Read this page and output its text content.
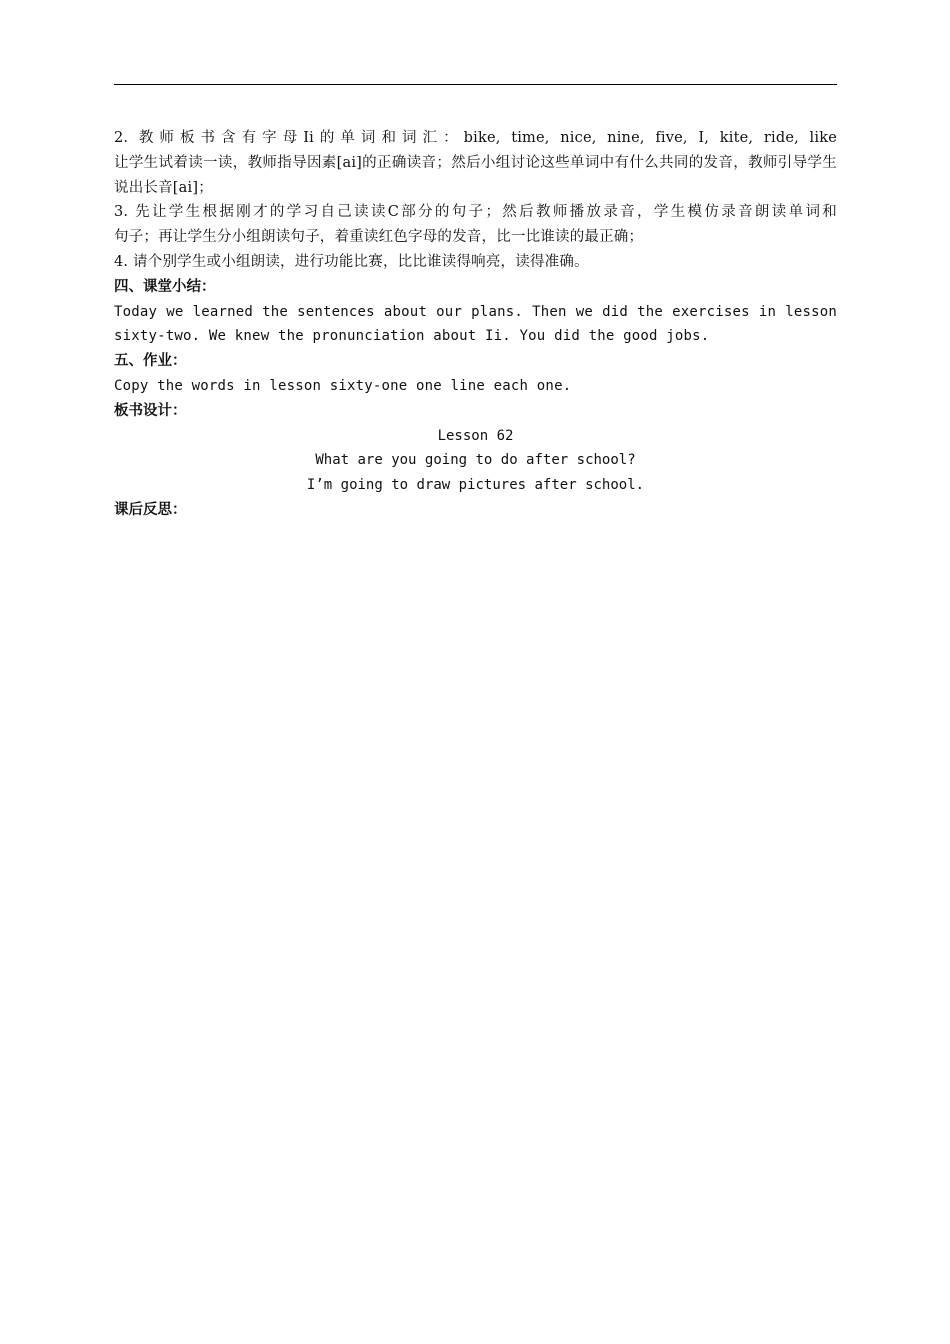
2. 教师板书含有字母Ii的单词和词汇：bike, time, nice, nine, five, I, kite, ride, like

让学生试着读一读，教师指导因素[ai]的正确读音；然后小组讨论这些单词中有什么共同的发音，教师引导学生说出长音[ai]；

3. 先让学生根据刚才的学习自己读读C部分的句子；然后教师播放录音，学生模仿录音朗读单词和

句子；再让学生分小组朗读句子，着重读红色字母的发音，比一比谁读的最正确；

4. 请个别学生或小组朗读，进行功能比赛，比比谁读得响亮，读得准确。

四、课堂小结：

Today we learned the sentences about our plans. Then we did the exercises in lesson

sixty-two. We knew the pronunciation about Ii. You did the good jobs.

五、作业：

Copy the words in lesson sixty-one one line each one.

板书设计：

Lesson 62

What are you going to do after school?

I’m going to draw pictures after school.

课后反思：
